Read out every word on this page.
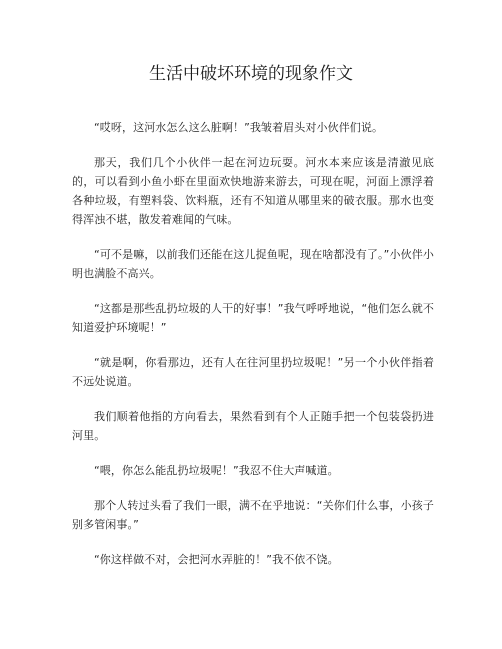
生活中破坏环境的现象作文

“哎呀，这河水怎么这么脏啊！”我皱着眉头对小伙伴们说。

那天，我们几个小伙伴一起在河边玩耍。河水本来应该是清澈见底的，可以看到小鱼小虾在里面欢快地游来游去，可现在呢，河面上漂浮着各种垃圾，有塑料袋、饮料瓶，还有不知道从哪里来的破衣服。那水也变得浑浊不堪，散发着难闻的气味。

“可不是嘛，以前我们还能在这儿捉鱼呢，现在啥都没有了。”小伙伴小明也满脸不高兴。

“这都是那些乱扔垃圾的人干的好事！”我气呼呼地说，“他们怎么就不知道爱护环境呢！”

“就是啊，你看那边，还有人在往河里扔垃圾呢！”另一个小伙伴指着不远处说道。

我们顺着他指的方向看去，果然看到有个人正随手把一个包装袋扔进河里。

“喂，你怎么能乱扔垃圾呢！”我忍不住大声喊道。

那个人转过头看了我们一眼，满不在乎地说：“关你们什么事，小孩子别多管闲事。”

“你这样做不对，会把河水弄脏的！”我不依不饶。
